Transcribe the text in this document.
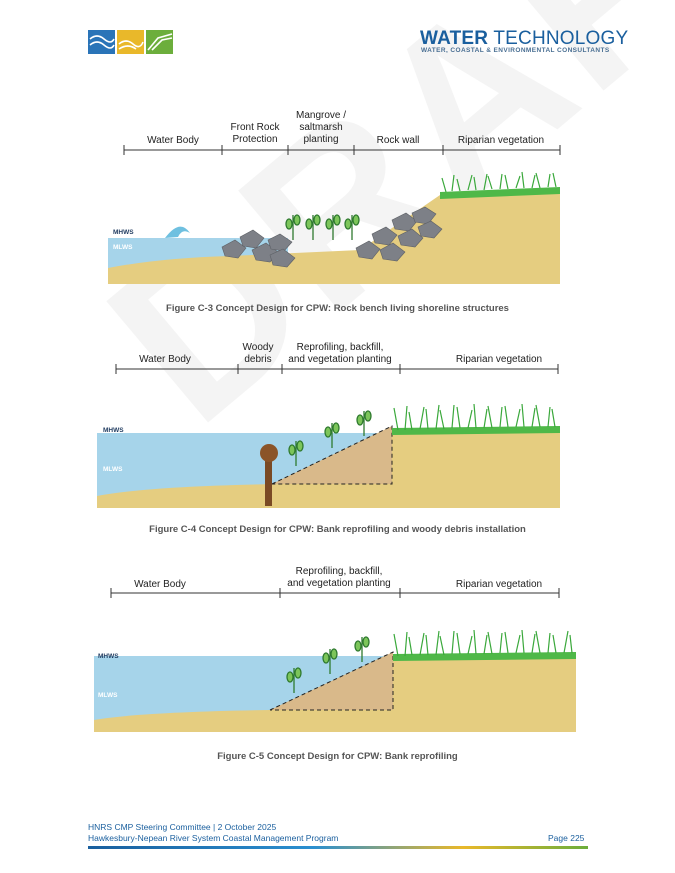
WATER TECHNOLOGY
WATER, COASTAL & ENVIRONMENTAL CONSULTANTS
Water Body
Front Rock Protection
Mangrove / saltmarsh planting	Rock wall	Riparian vegetation
MHWS
MLWS
Figure C-3 Concept Design for CPW: Rock bench living shoreline structures
Water Body
Woody debris
Reprofiling, backfill, and vegetation planting	Riparian vegetation
MHWS
MLWS
Figure C-4 Concept Design for CPW: Bank reprofiling and woody debris installation
Water Body
Reprofiling, backfill, and vegetation planting	Riparian vegetation
MHWS
MLWS
Figure C-5 Concept Design for CPW: Bank reprofiling
HNRS CMP Steering Committee | 2 October 2025
Hawkesbury-Nepean River System Coastal Management Program	Page 225
